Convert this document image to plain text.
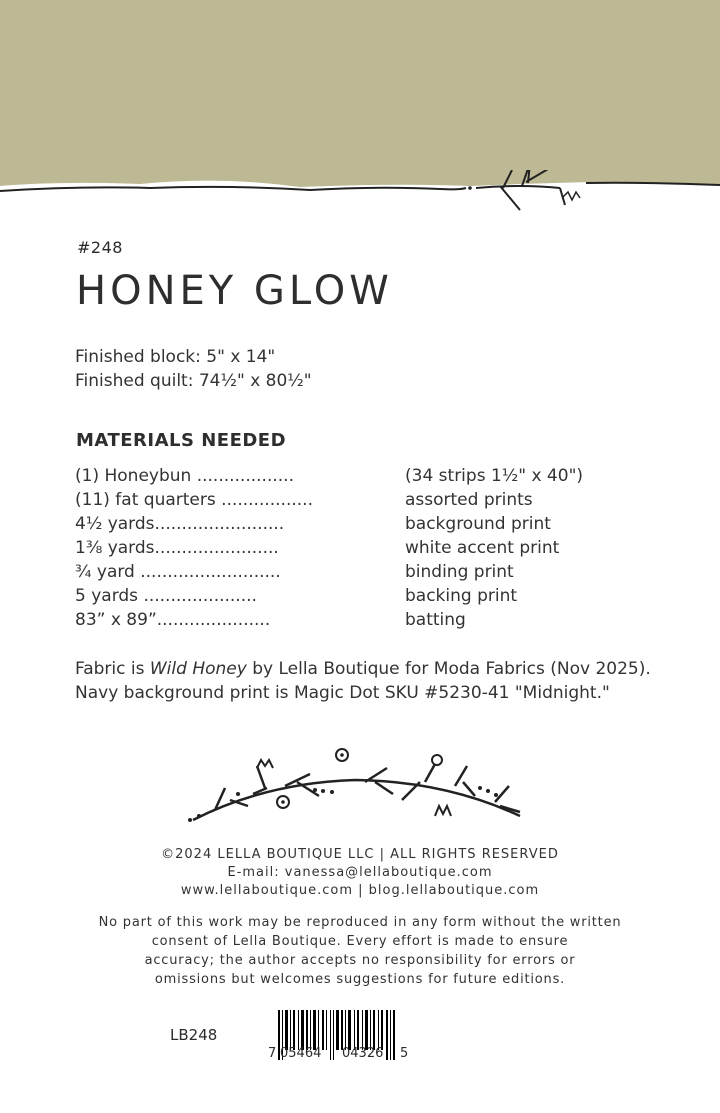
#248
HONEY GLOW
Finished block: 5" x 14"
Finished quilt: 74½" x 80½"
MATERIALS NEEDED
(1) Honeybun ..................	(34 strips 1½" x 40")
(11) fat quarters .................	assorted prints
4½ yards........................	background print
1⅜ yards.......................	white accent print
¾ yard ..........................	binding print
5 yards .....................	backing print
83” x 89”.....................	batting
Fabric is Wild Honey by Lella Boutique for Moda Fabrics (Nov 2025).
Navy background print is Magic Dot SKU #5230-41 "Midnight."
©2024 LELLA BOUTIQUE LLC | ALL RIGHTS RESERVED
E-mail: vanessa@lellaboutique.com
www.lellaboutique.com | blog.lellaboutique.com
No part of this work may be reproduced in any form without the written
consent of Lella Boutique. Every effort is made to ensure
accuracy; the author accepts no responsibility for errors or
omissions but welcomes suggestions for future editions.
LB248
7 05464 04326 5
